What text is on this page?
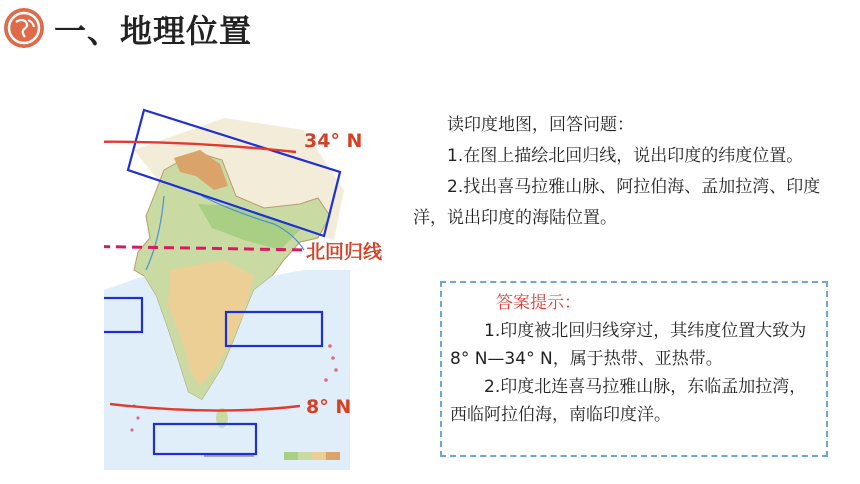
一、地理位置
34° N
北回归线
8° N

读印度地图，回答问题：

1.在图上描绘北回归线，说出印度的纬度位置。

2.找出喜马拉雅山脉、阿拉伯海、孟加拉湾、印度洋，说出印度的海陆位置。

答案提示：

1.印度被北回归线穿过，其纬度位置大致为8° N—34° N，属于热带、亚热带。

2.印度北连喜马拉雅山脉，东临孟加拉湾，西临阿拉伯海，南临印度洋。
